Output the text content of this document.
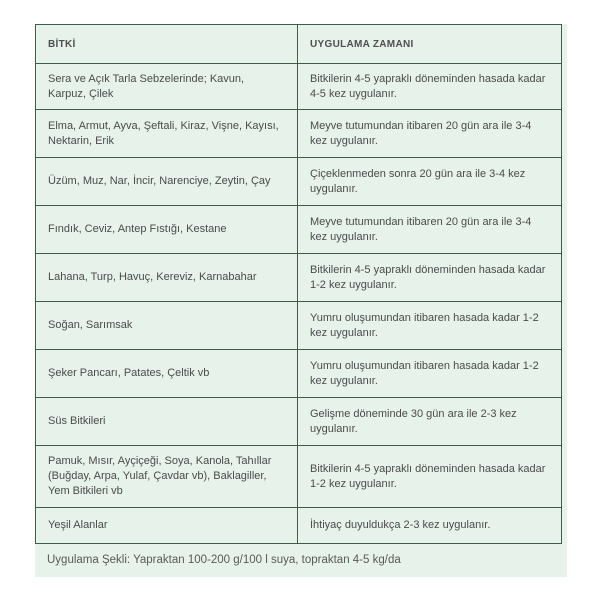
BİTKİ	UYGULAMA ZAMANI
Sera ve Açık Tarla Sebzelerinde; Kavun, Karpuz, Çilek	Bitkilerin 4-5 yapraklı döneminden hasada kadar 4-5 kez uygulanır.
Elma, Armut, Ayva, Şeftali, Kiraz, Vişne, Kayısı, Nektarin, Erik	Meyve tutumundan itibaren 20 gün ara ile 3-4 kez uygulanır.
Üzüm, Muz, Nar, İncir, Narenciye, Zeytin, Çay	Çiçeklenmeden sonra 20 gün ara ile 3-4 kez uygulanır.
Fındık, Ceviz, Antep Fıstığı, Kestane	Meyve tutumundan itibaren 20 gün ara ile 3-4 kez uygulanır.
Lahana, Turp, Havuç, Kereviz, Karnabahar	Bitkilerin 4-5 yapraklı döneminden hasada kadar 1-2 kez uygulanır.
Soğan, Sarımsak	Yumru oluşumundan itibaren hasada kadar 1-2 kez uygulanır.
Şeker Pancarı, Patates, Çeltik vb	Yumru oluşumundan itibaren hasada kadar 1-2 kez uygulanır.
Süs Bitkileri	Gelişme döneminde 30 gün ara ile 2-3 kez uygulanır.
Pamuk, Mısır, Ayçiçeği, Soya, Kanola, Tahıllar (Buğday, Arpa, Yulaf, Çavdar vb), Baklagiller, Yem Bitkileri vb	Bitkilerin 4-5 yapraklı döneminden hasada kadar 1-2 kez uygulanır.
Yeşil Alanlar	İhtiyaç duyuldukça 2-3 kez uygulanır.
Uygulama Şekli: Yapraktan 100-200 g/100 l suya, topraktan 4-5 kg/da
